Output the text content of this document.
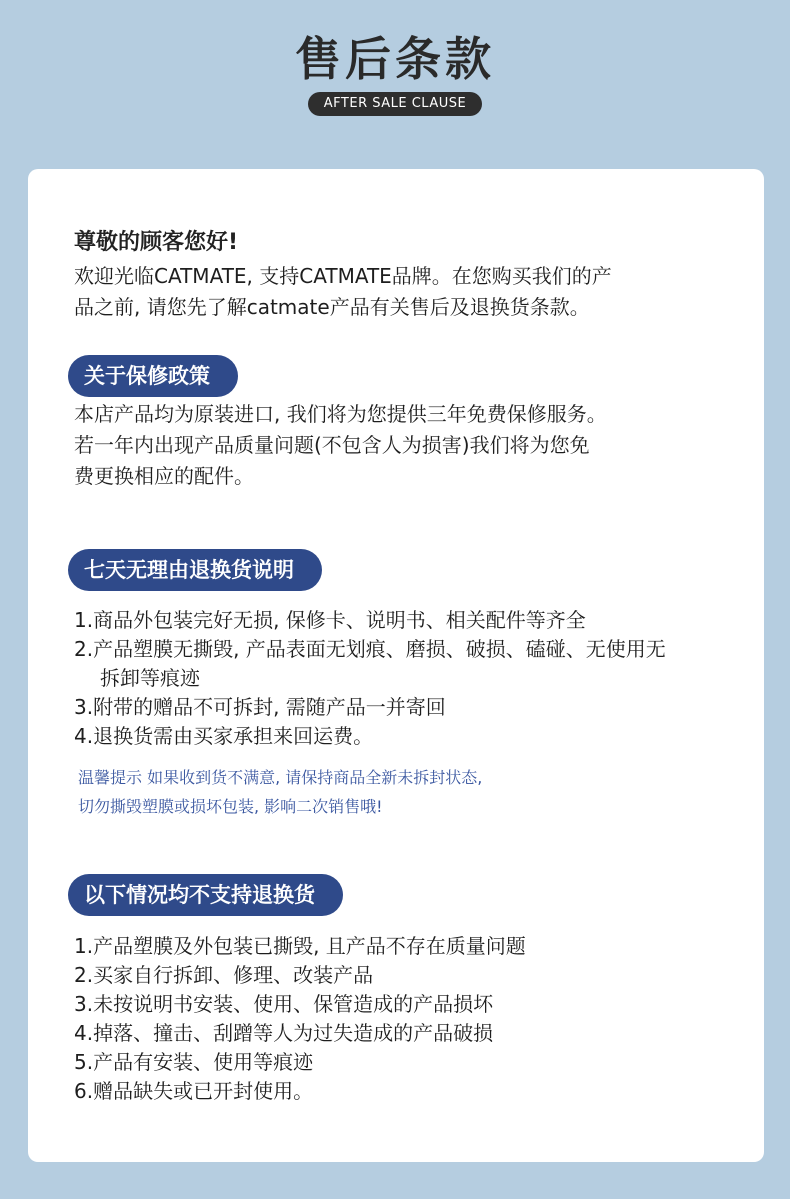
售后条款
AFTER SALE CLAUSE
尊敬的顾客您好!

欢迎光临CATMATE, 支持CATMATE品牌。在您购买我们的产
品之前, 请您先了解catmate产品有关售后及退换货条款。

关于保修政策

本店产品均为原装进口, 我们将为您提供三年免费保修服务。
若一年内出现产品质量问题(不包含人为损害)我们将为您免
费更换相应的配件。

七天无理由退换货说明
1.商品外包装完好无损, 保修卡、说明书、相关配件等齐全
2.产品塑膜无撕毁, 产品表面无划痕、磨损、破损、磕碰、无使用无
拆卸等痕迹
3.附带的赠品不可拆封, 需随产品一并寄回
4.退换货需由买家承担来回运费。

温馨提示 如果收到货不满意, 请保持商品全新未拆封状态,
切勿撕毁塑膜或损坏包装, 影响二次销售哦!

以下情况均不支持退换货
1.产品塑膜及外包装已撕毁, 且产品不存在质量问题
2.买家自行拆卸、修理、改装产品
3.未按说明书安装、使用、保管造成的产品损坏
4.掉落、撞击、刮蹭等人为过失造成的产品破损
5.产品有安装、使用等痕迹
6.赠品缺失或已开封使用。
